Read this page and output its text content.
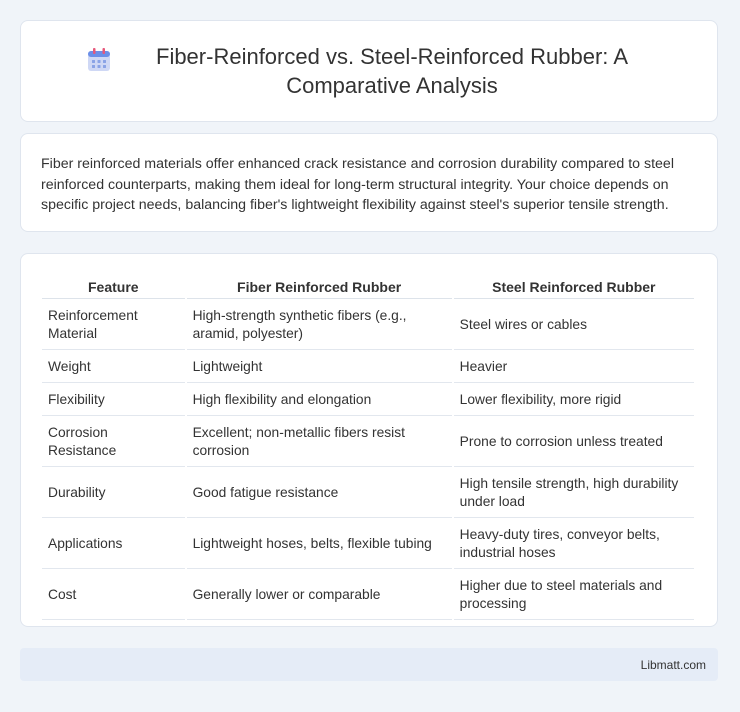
Fiber-Reinforced vs. Steel-Reinforced Rubber: A Comparative Analysis

Fiber reinforced materials offer enhanced crack resistance and corrosion durability compared to steel reinforced counterparts, making them ideal for long-term structural integrity. Your choice depends on specific project needs, balancing fiber's lightweight flexibility against steel's superior tensile strength.

Feature	Fiber Reinforced Rubber	Steel Reinforced Rubber
Reinforcement Material	High-strength synthetic fibers (e.g., aramid, polyester)	Steel wires or cables
Weight	Lightweight	Heavier
Flexibility	High flexibility and elongation	Lower flexibility, more rigid
Corrosion Resistance	Excellent; non-metallic fibers resist corrosion	Prone to corrosion unless treated
Durability	Good fatigue resistance	High tensile strength, high durability under load
Applications	Lightweight hoses, belts, flexible tubing	Heavy-duty tires, conveyor belts, industrial hoses
Cost	Generally lower or comparable	Higher due to steel materials and processing
Libmatt.com
